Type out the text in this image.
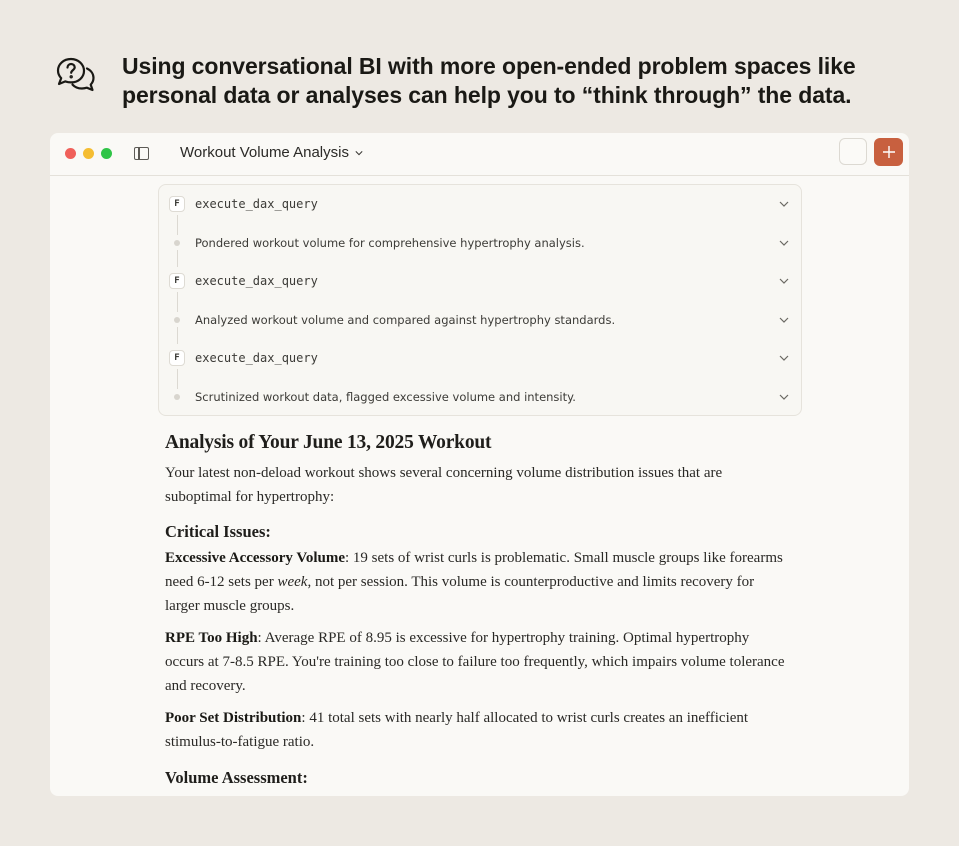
Using conversational BI with more open-ended problem spaces like personal data or analyses can help you to “think through” the data.
Workout Volume Analysis
F	execute_dax_query
Pondered workout volume for comprehensive hypertrophy analysis.
F	execute_dax_query
Analyzed workout volume and compared against hypertrophy standards.
F	execute_dax_query
Scrutinized workout data, flagged excessive volume and intensity.
Analysis of Your June 13, 2025 Workout

Your latest non-deload workout shows several concerning volume distribution issues that are suboptimal for hypertrophy:

Critical Issues:

Excessive Accessory Volume: 19 sets of wrist curls is problematic. Small muscle groups like forearms need 6-12 sets per week, not per session. This volume is counterproductive and limits recovery for larger muscle groups.

RPE Too High: Average RPE of 8.95 is excessive for hypertrophy training. Optimal hypertrophy occurs at 7-8.5 RPE. You're training too close to failure too frequently, which impairs volume tolerance and recovery.

Poor Set Distribution: 41 total sets with nearly half allocated to wrist curls creates an inefficient stimulus-to-fatigue ratio.

Volume Assessment:
